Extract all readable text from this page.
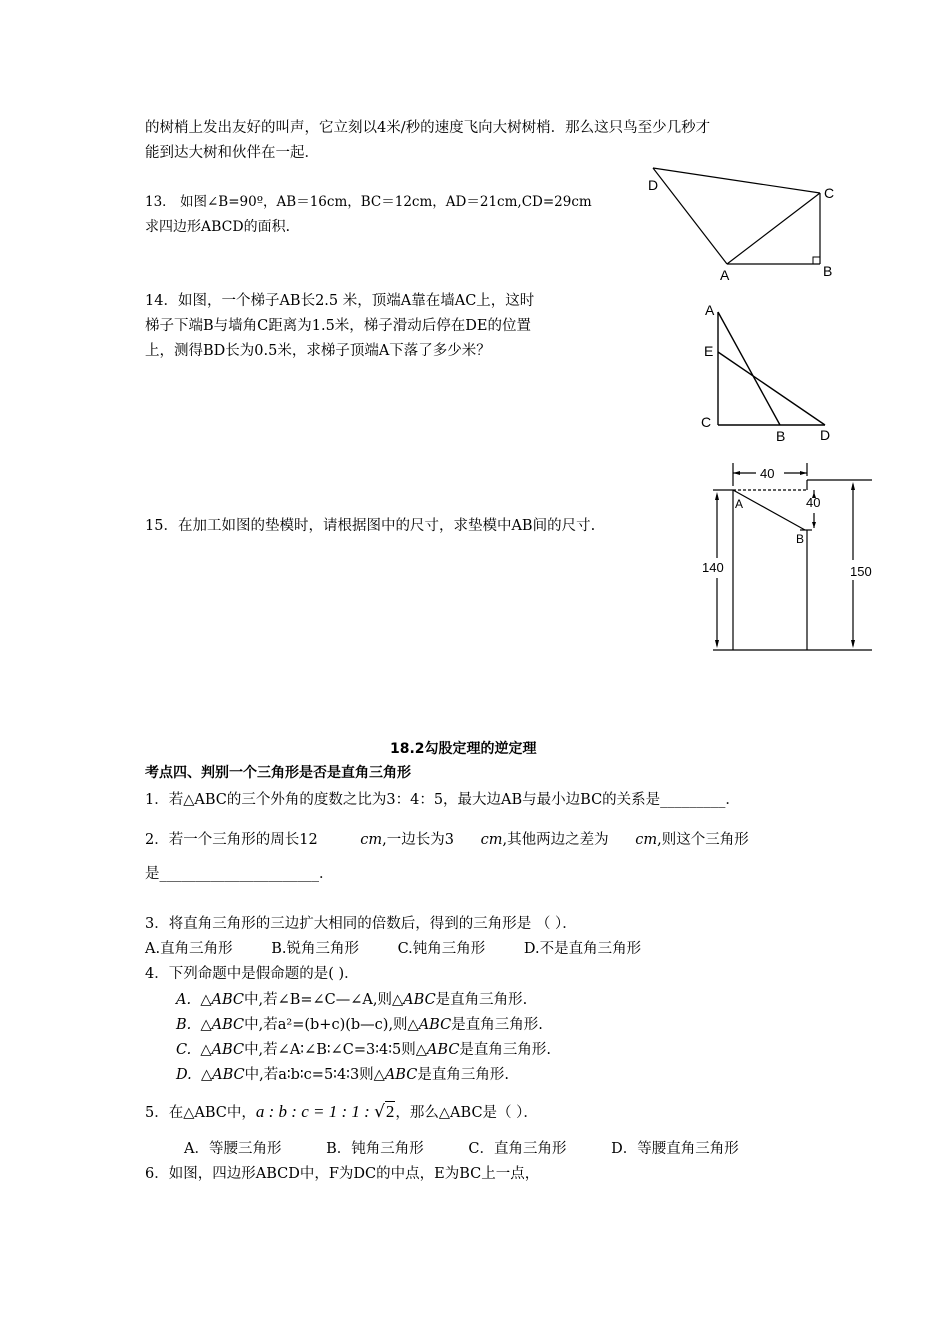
的树梢上发出友好的叫声，它立刻以4米/秒的速度飞向大树树梢．那么这只鸟至少几秒才
能到达大树和伙伴在一起．
13． 如图∠B=90º，AB＝16cm，BC＝12cm，AD＝21cm,CD=29cm
求四边形ABCD的面积．
D	C
A	B
14．如图，一个梯子AB长2.5 米，顶端A靠在墙AC上，这时
梯子下端B与墙角C距离为1.5米，梯子滑动后停在DE的位置
上，测得BD长为0.5米，求梯子顶端A下落了多少米？
A
E
C
B D
15．在加工如图的垫模时，请根据图中的尺寸，求垫模中AB间的尺寸.
40
40
140	150
A
B
18.2勾股定理的逆定理
考点四、判别一个三角形是否是直角三角形
1．若△ABC的三个外角的度数之比为3：4：5，最大边AB与最小边BC的关系是_________．
2．若一个三角形的周长12	cm,一边长为3 cm,其他两边之差为 cm,则这个三角形
是______________________．
3．将直角三角形的三边扩大相同的倍数后，得到的三角形是 （ ）．
A.直角三角形	B.锐角三角形	C.钝角三角形	D.不是直角三角形
4．下列命题中是假命题的是( )．
A. △ABC中,若∠B=∠C—∠A,则△ABC是直角三角形.
B. △ABC中,若a²=(b+c)(b—c),则△ABC是直角三角形.
C. △ABC中,若∠A∶∠B∶∠C=3∶4∶5则△ABC是直角三角形.
D. △ABC中,若a∶b∶c=5∶4∶3则△ABC是直角三角形.
5．在△ABC中，a : b : c = 1 : 1 : √2，那么△ABC是（ ）．
A．等腰三角形	B．钝角三角形	C．直角三角形	D．等腰直角三角形
6．如图，四边形ABCD中，F为DC的中点，E为BC上一点，
